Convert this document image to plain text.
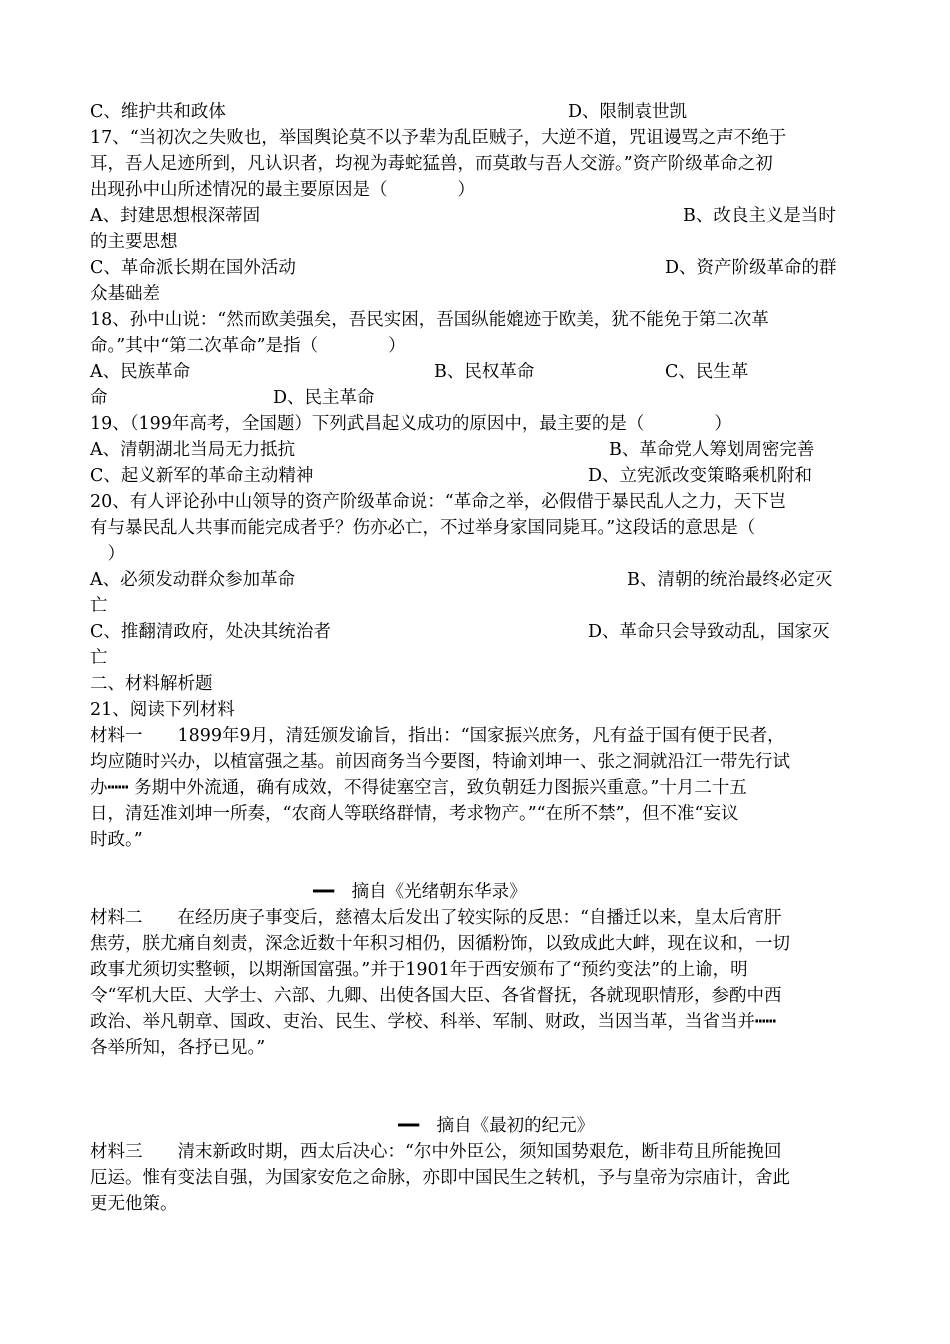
C、维护共和政体	D、限制袁世凯
17、“当初次之失败也，举国舆论莫不以予辈为乱臣贼子，大逆不道，咒诅谩骂之声不绝于
耳，吾人足迹所到，凡认识者，均视为毒蛇猛兽，而莫敢与吾人交游。”资产阶级革命之初
出现孙中山所述情况的最主要原因是（　　　　）
A、封建思想根深蒂固	B、改良主义是当时
的主要思想
C、革命派长期在国外活动	D、资产阶级革命的群
众基础差
18、孙中山说：“然而欧美强矣，吾民实困，吾国纵能媲迹于欧美，犹不能免于第二次革
命。”其中“第二次革命”是指（　　　　）
A、民族革命	B、民权革命	C、民生革
命	D、民主革命
19、（199年高考，全国题）下列武昌起义成功的原因中，最主要的是（　　　　）
A、清朝湖北当局无力抵抗	B、革命党人筹划周密完善
C、起义新军的革命主动精神	D、立宪派改变策略乘机附和
20、有人评论孙中山领导的资产阶级革命说：“革命之举，必假借于暴民乱人之力，天下岂
有与暴民乱人共事而能完成者乎？伤亦必亡，不过举身家国同毙耳。”这段话的意思是（
　）
A、必须发动群众参加革命	B、清朝的统治最终必定灭
亡
C、推翻清政府，处决其统治者	D、革命只会导致动乱，国家灭
亡
二、材料解析题
21、阅读下列材料
材料一　　1899年9月，清廷颁发谕旨，指出：“国家振兴庶务，凡有益于国有便于民者，
均应随时兴办，以植富强之基。前因商务当今要图，特谕刘坤一、张之洞就沿江一带先行试
办┅┅ 务期中外流通，确有成效，不得徒塞空言，致负朝廷力图振兴重意。”十月二十五
日，清廷准刘坤一所奏，“农商人等联络群情，考求物产。”“在所不禁”，但不准“妄议
时政。”
━━　摘自《光绪朝东华录》
材料二　　在经历庚子事变后，慈禧太后发出了较实际的反思：“自播迁以来，皇太后宵肝
焦劳，朕尤痛自刻责，深念近数十年积习相仍，因循粉饰，以致成此大衅，现在议和，一切
政事尤须切实整顿，以期渐国富强。”并于1901年于西安颁布了“预约变法”的上谕，明
令“军机大臣、大学士、六部、九卿、出使各国大臣、各省督抚，各就现职情形，参酌中西
政治、举凡朝章、国政、吏治、民生、学校、科举、军制、财政，当因当革，当省当并┅┅
各举所知，各抒已见。”
━━　摘自《最初的纪元》
材料三　　清末新政时期，西太后决心：“尔中外臣公，须知国势艰危，断非苟且所能挽回
厄运。惟有变法自强，为国家安危之命脉，亦即中国民生之转机，予与皇帝为宗庙计，舍此
更无他策。
